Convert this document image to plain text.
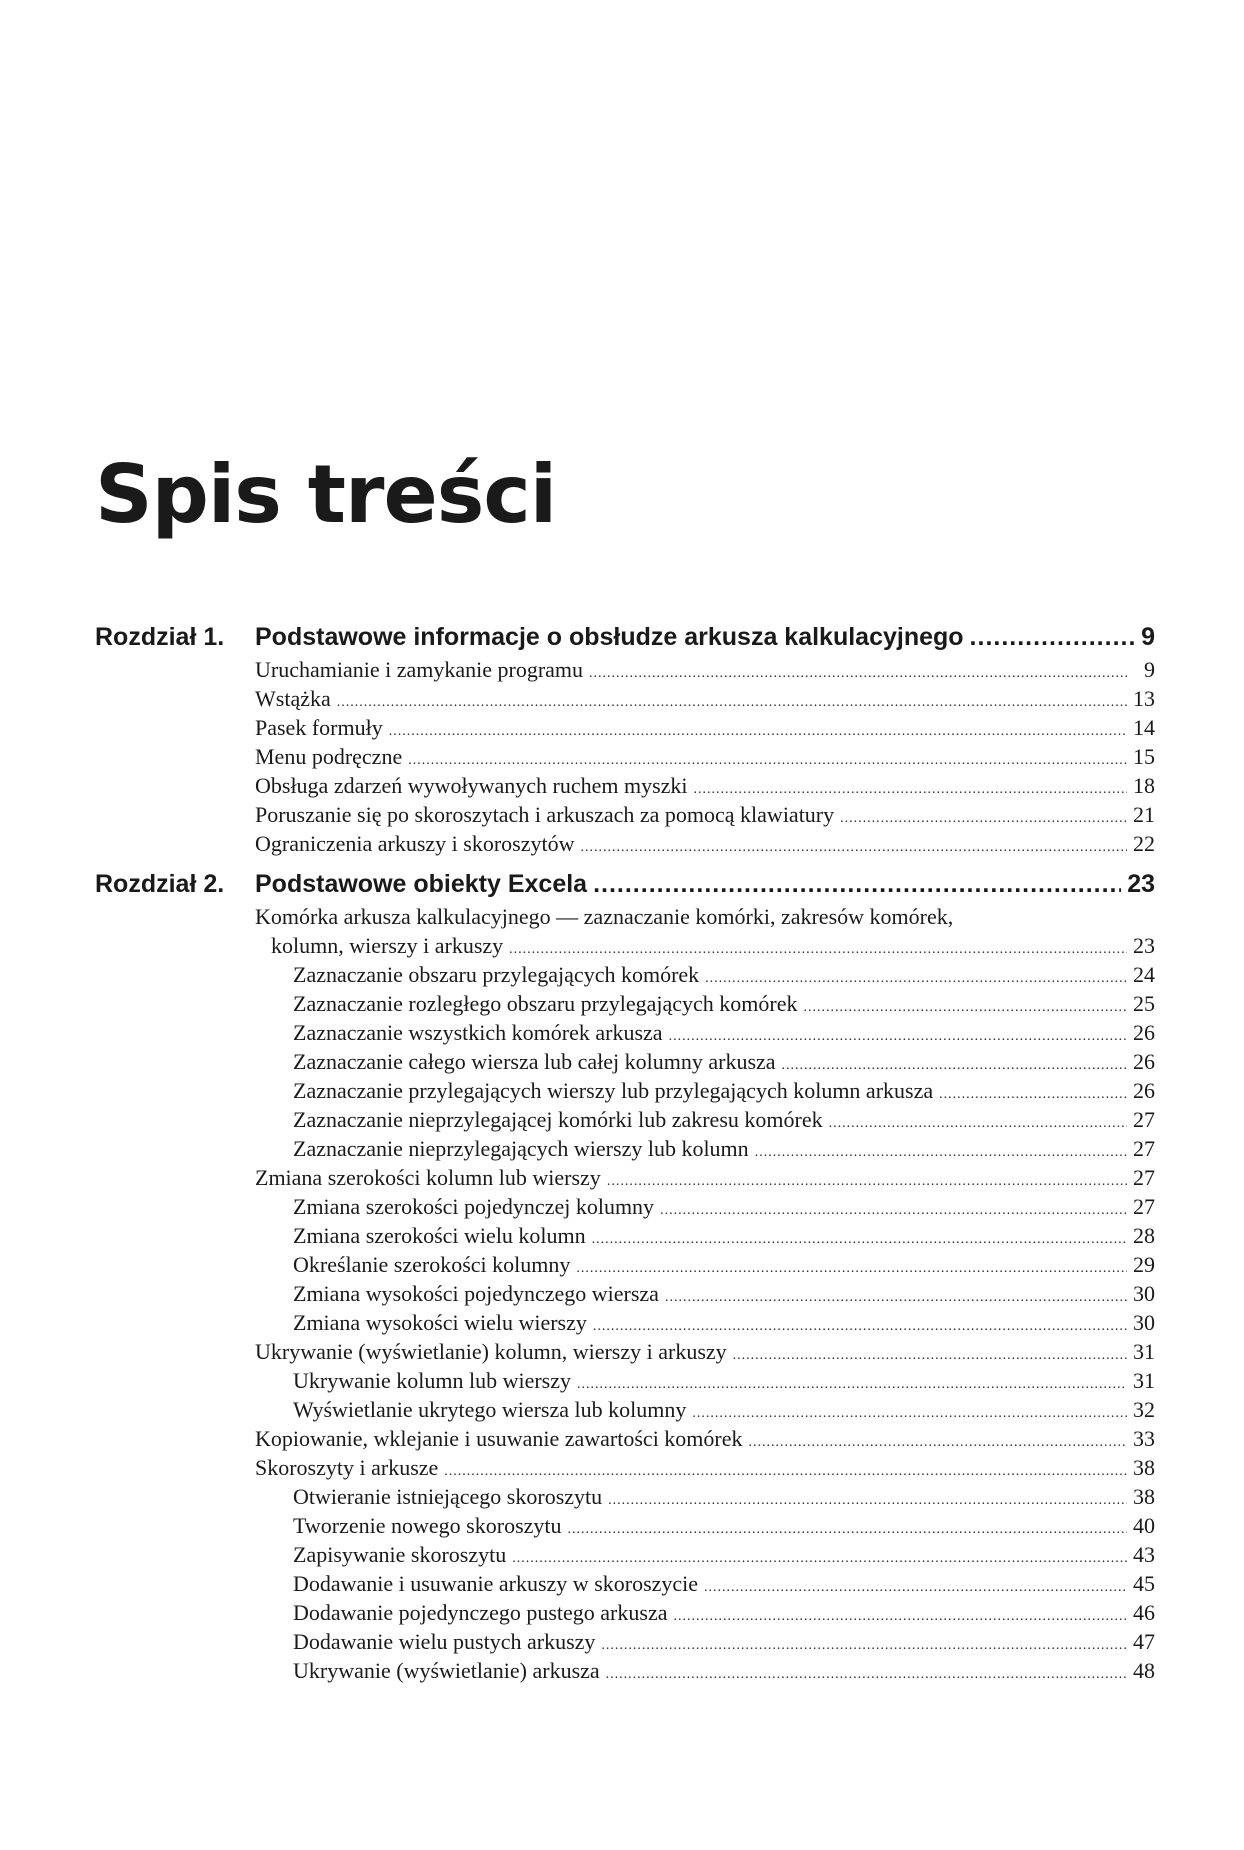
Spis treści
Rozdział 1.	Podstawowe informacje o obsłudze arkusza kalkulacyjnego .....	9
Uruchamianie i zamykanie programu .....	9
Wstążka .....	13
Pasek formuły .....	14
Menu podręczne .....	15
Obsługa zdarzeń wywoływanych ruchem myszki .....	18
Poruszanie się po skoroszytach i arkuszach za pomocą klawiatury .....	21
Ograniczenia arkuszy i skoroszytów .....	22
Rozdział 2.	Podstawowe obiekty Excela .....	23
Komórka arkusza kalkulacyjnego — zaznaczanie komórki, zakresów komórek,
kolumn, wierszy i arkuszy .....	23
Zaznaczanie obszaru przylegających komórek .....	24
Zaznaczanie rozległego obszaru przylegających komórek .....	25
Zaznaczanie wszystkich komórek arkusza .....	26
Zaznaczanie całego wiersza lub całej kolumny arkusza .....	26
Zaznaczanie przylegających wierszy lub przylegających kolumn arkusza .....	26
Zaznaczanie nieprzylegającej komórki lub zakresu komórek .....	27
Zaznaczanie nieprzylegających wierszy lub kolumn .....	27
Zmiana szerokości kolumn lub wierszy .....	27
Zmiana szerokości pojedynczej kolumny .....	27
Zmiana szerokości wielu kolumn .....	28
Określanie szerokości kolumny .....	29
Zmiana wysokości pojedynczego wiersza .....	30
Zmiana wysokości wielu wierszy .....	30
Ukrywanie (wyświetlanie) kolumn, wierszy i arkuszy .....	31
Ukrywanie kolumn lub wierszy .....	31
Wyświetlanie ukrytego wiersza lub kolumny .....	32
Kopiowanie, wklejanie i usuwanie zawartości komórek .....	33
Skoroszyty i arkusze .....	38
Otwieranie istniejącego skoroszytu .....	38
Tworzenie nowego skoroszytu .....	40
Zapisywanie skoroszytu .....	43
Dodawanie i usuwanie arkuszy w skoroszycie .....	45
Dodawanie pojedynczego pustego arkusza .....	46
Dodawanie wielu pustych arkuszy .....	47
Ukrywanie (wyświetlanie) arkusza .....	48
